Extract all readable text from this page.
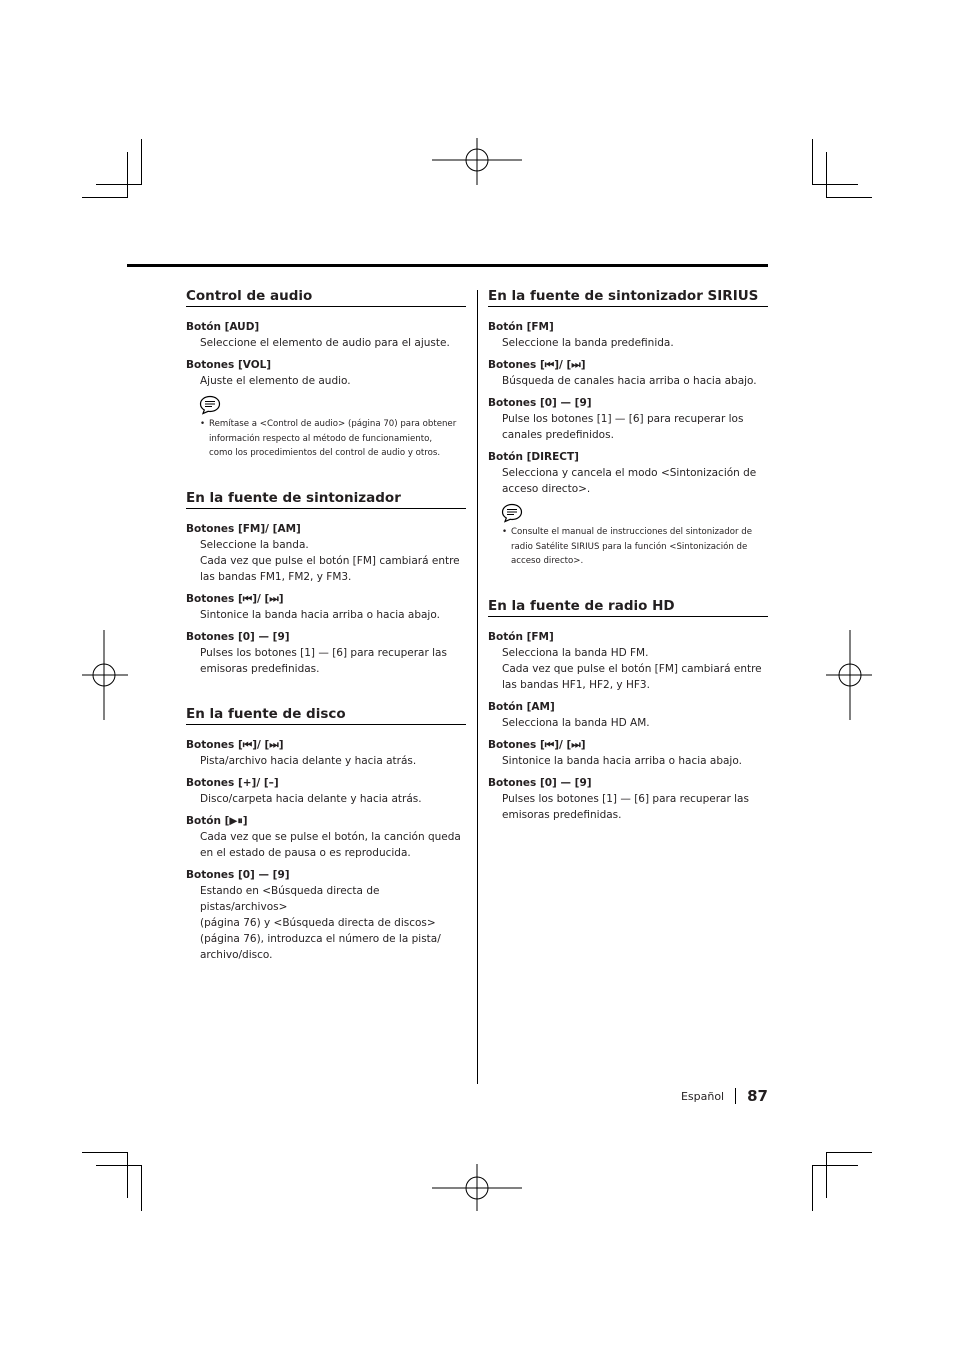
Control de audio
Botón [AUD]
Seleccione el elemento de audio para el ajuste.
Botones [VOL]
Ajuste el elemento de audio.
• Remítase a <Control de audio> (página 70) para obtener
información respecto al método de funcionamiento,
como los procedimientos del control de audio y otros.
En la fuente de sintonizador
Botones [FM]/ [AM]
Seleccione la banda.
Cada vez que pulse el botón [FM] cambiará entre
las bandas FM1, FM2, y FM3.
Botones [⏮]/ [⏭]
Sintonice la banda hacia arriba o hacia abajo.
Botones [0] — [9]
Pulses los botones [1] — [6] para recuperar las
emisoras predefinidas.
En la fuente de disco
Botones [⏮]/ [⏭]
Pista/archivo hacia delante y hacia atrás.
Botones [+]/ [–]
Disco/carpeta hacia delante y hacia atrás.
Botón [▶⏸]
Cada vez que se pulse el botón, la canción queda
en el estado de pausa o es reproducida.
Botones [0] — [9]
Estando en <Búsqueda directa de pistas/archivos>
(página 76) y <Búsqueda directa de discos>
(página 76), introduzca el número de la pista/
archivo/disco.
En la fuente de sintonizador SIRIUS
Botón [FM]
Seleccione la banda predefinida.
Botones [⏮]/ [⏭]
Búsqueda de canales hacia arriba o hacia abajo.
Botones [0] — [9]
Pulse los botones [1] — [6] para recuperar los
canales predefinidos.
Botón [DIRECT]
Selecciona y cancela el modo <Sintonización de
acceso directo>.
• Consulte el manual de instrucciones del sintonizador de
radio Satélite SIRIUS para la función <Sintonización de
acceso directo>.
En la fuente de radio HD
Botón [FM]
Selecciona la banda HD FM.
Cada vez que pulse el botón [FM] cambiará entre
las bandas HF1, HF2, y HF3.
Botón [AM]
Selecciona la banda HD AM.
Botones [⏮]/ [⏭]
Sintonice la banda hacia arriba o hacia abajo.
Botones [0] — [9]
Pulses los botones [1] — [6] para recuperar las
emisoras predefinidas.
Español 87
